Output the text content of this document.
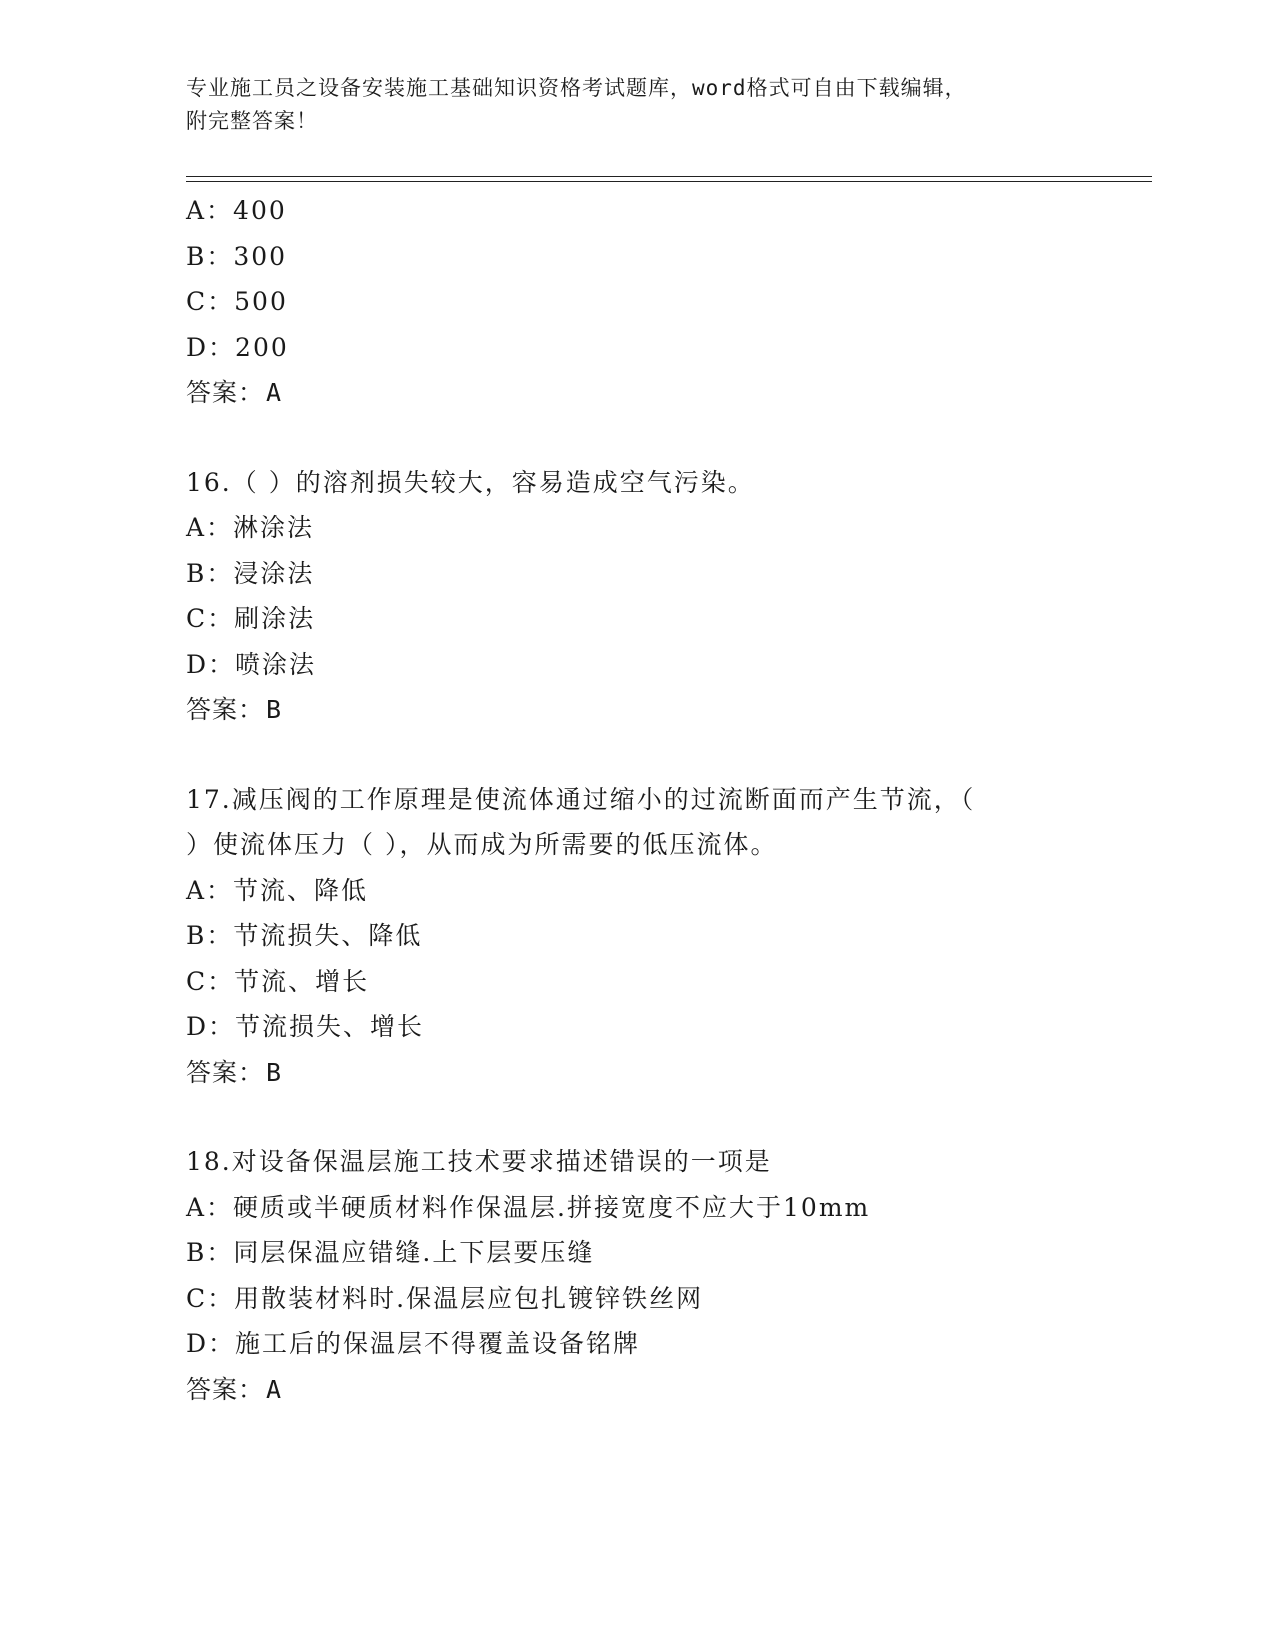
专业施工员之设备安装施工基础知识资格考试题库，word格式可自由下载编辑，
附完整答案！
A：400
B：300
C：500
D：200
答案：A
16.（ ）的溶剂损失较大，容易造成空气污染。
A：淋涂法
B：浸涂法
C：刷涂法
D：喷涂法
答案：B
17.减压阀的工作原理是使流体通过缩小的过流断面而产生节流，（
）使流体压力（ ），从而成为所需要的低压流体。
A：节流、降低
B：节流损失、降低
C：节流、增长
D：节流损失、增长
答案：B
18.对设备保温层施工技术要求描述错误的一项是
A：硬质或半硬质材料作保温层.拼接宽度不应大于10mm
B：同层保温应错缝.上下层要压缝
C：用散装材料时.保温层应包扎镀锌铁丝网
D：施工后的保温层不得覆盖设备铭牌
答案：A
